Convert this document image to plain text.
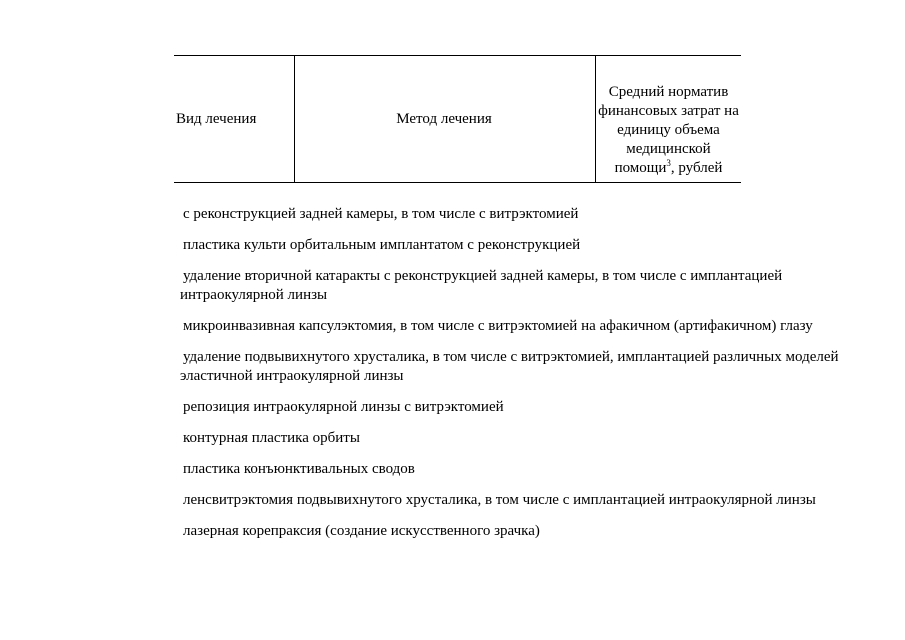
Вид лечения	Метод лечения
Средний норматив финансовых затрат на единицу объема медицинской помощи$^3$, рублей
с реконструкцией задней камеры, в том числе с витрэктомией
пластика культи орбитальным имплантатом с реконструкцией
удаление вторичной катаракты с реконструкцией задней камеры, в том числе с имплантацией интраокулярной линзы
микроинвазивная капсулэктомия, в том числе с витрэктомией на афакичном (артифакичном) глазу
удаление подвывихнутого хрусталика, в том числе с витрэктомией, имплантацией различных моделей эластичной интраокулярной линзы
репозиция интраокулярной линзы с витрэктомией
контурная пластика орбиты
пластика конъюнктивальных сводов
ленсвитрэктомия подвывихнутого хрусталика, в том числе с имплантацией интраокулярной линзы
лазерная корепраксия (создание искусственного зрачка)
